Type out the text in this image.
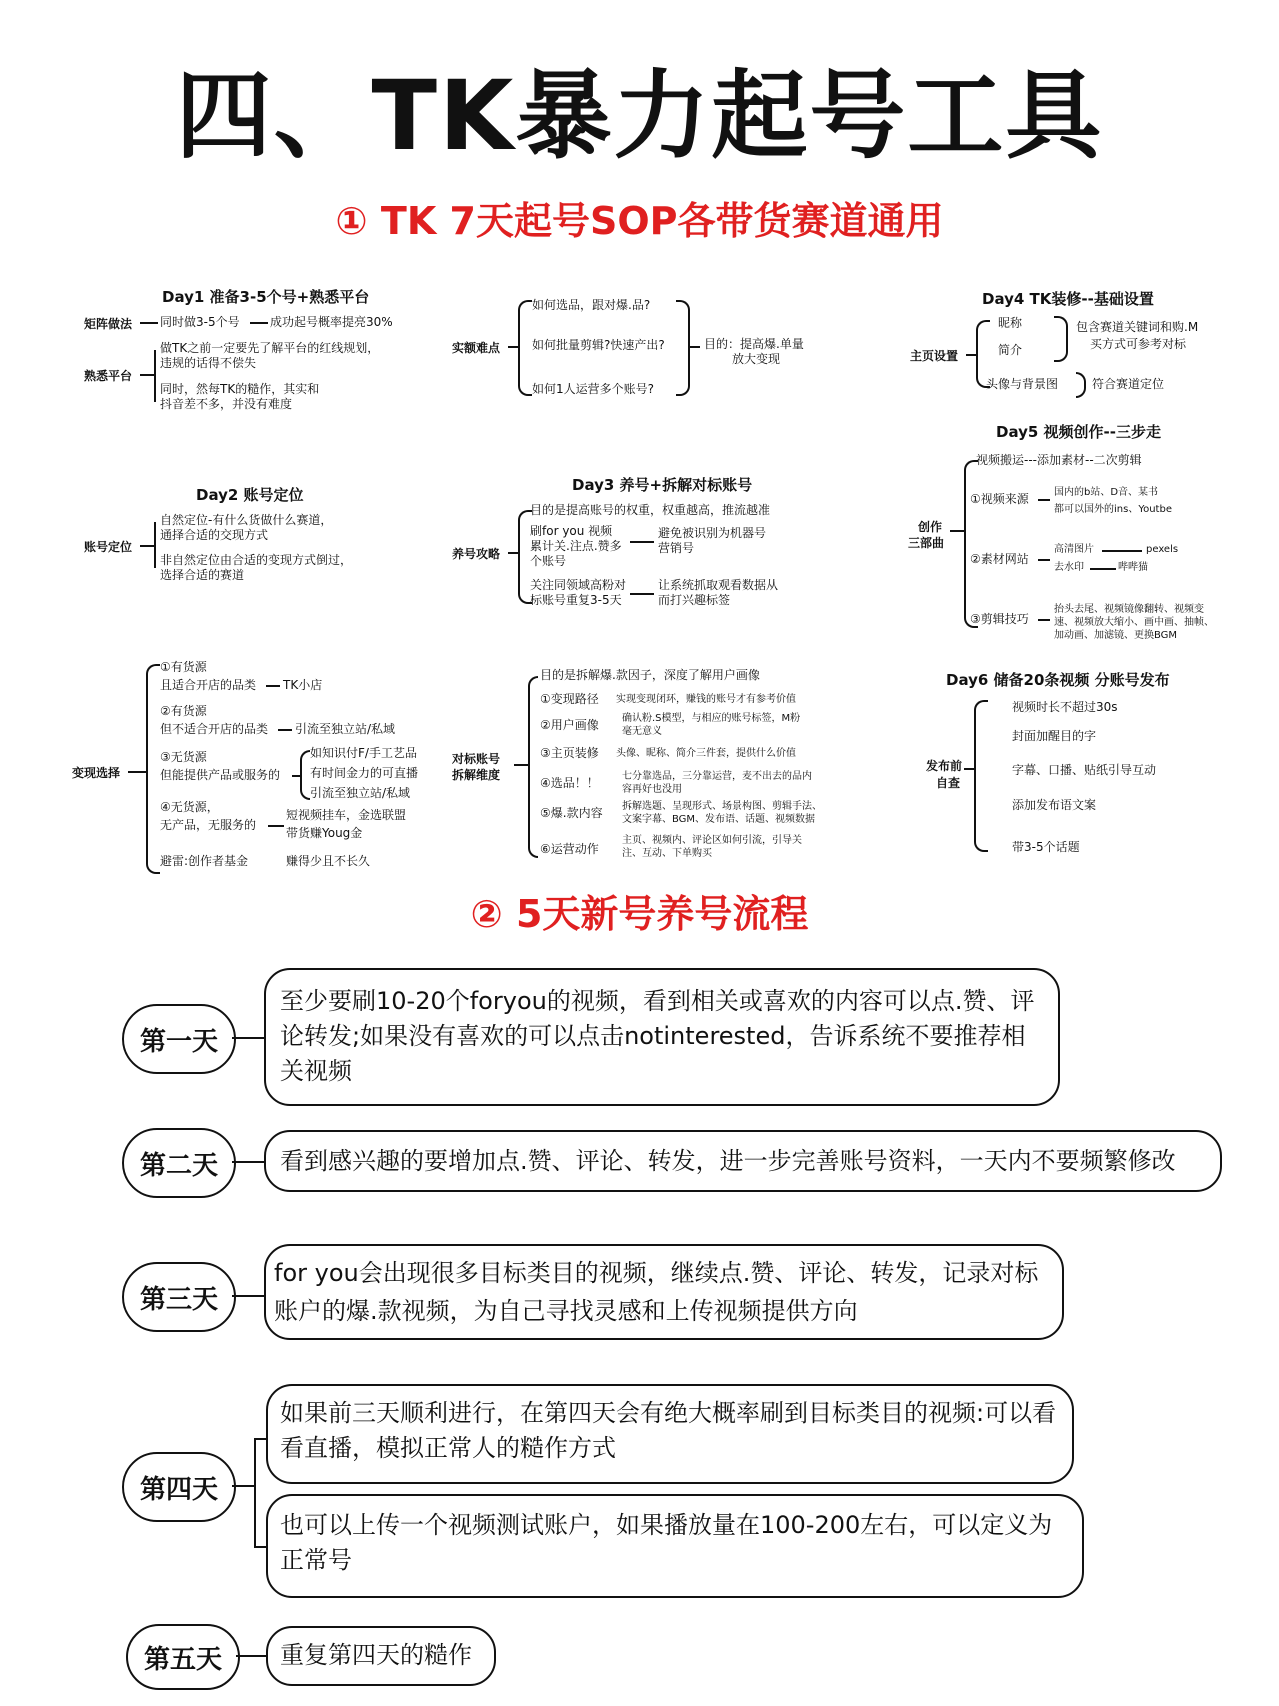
四、TK暴力起号工具
① TK 7天起号SOP各带货赛道通用
Day1 准备3-5个号+熟悉平台
矩阵做法 同时做3-5个号	成功起号概率提亮30%
熟悉平台
做TK之前一定要先了解平台的红线规划，
违规的话得不偿失
同时，然每TK的糙作，其实和
抖音差不多，并没有难度
实额难点
如何选品，跟对爆.品?
如何批量剪辑?快速产出?
如何1人运营多个账号?
目的：提高爆.单量
放大变现
Day4 TK装修--基础设置
主页设置
昵称
简介
头像与背景图
包含赛道关键词和购.M
买方式可参考对标
符合赛道定位
Day5 视频创作--三步走
创作
三部曲
视频搬运---添加素材--二次剪辑
①视频来源	国内的b站、D音、某书
都可以国外的ins、Youtbe
②素材网站
高清图片	pexels
去水印	哔哔猫
③剪辑技巧
抬头去尾、视频镜像翻转、视频变
速、视频放大缩小、画中画、抽帧、
加动画、加滤镜、更换BGM
Day2 账号定位
账号定位
自然定位-有什么货做什么赛道，
通择合适的交现方式
非自然定位由合适的变现方式倒过，
选择合适的赛道
Day3 养号+拆解对标账号
养号攻略
目的是提高账号的权重，权重越高，推流越准
刷for you 视频
累计关.注点.赞多
个账号
避免被识别为机器号
营销号
关注同领域高粉对
标账号重复3-5天
让系统抓取观看数据从
而打兴趣标签
变现选择
①有货源
且适合开店的品类 TK小店
②有货源
但不适合开店的品类 引流至独立站/私域
③无货源
但能提供产品或服务的
如知识付F/手工艺品
有时间金力的可直播
引流至独立站/私域
④无货源，
无产品，无服务的
短视频挂车，金选联盟
带货赚Youg金
避雷:创作者基金	赚得少且不长久
对标账号
拆解维度
目的是拆解爆.款因子，深度了解用户画像
①变现路径 实现变现闭环，赚钱的账号才有参考价值
②用户画像 确认粉.S模型，与相应的账号标签，M粉
毫无意义
③主页装修 头像、昵称、简介三件套，提供什么价值
④选品！！ 七分靠选品，三分靠运营，麦不出去的品内
容再好也没用
⑤爆.款内容 拆解选题、呈现形式、场景构图、剪辑手法、
文案字幕、BGM、发布语、话题、视频数据
⑥运营动作
主页、视频内、评论区如何引流，引导关
注、互动、下单购买
Day6 储备20条视频 分账号发布
发布前
自查
视频时长不超过30s
封面加醒目的字
字幕、口播、贴纸引导互动
添加发布语文案
带3-5个话题
② 5天新号养号流程
第一天
至少要刷10-20个foryou的视频，看到相关或喜欢的内容可以点.赞、评论转发;如果没有喜欢的可以点击notinterested，告诉系统不要推荐相关视频
第二天	看到感兴趣的要增加点.赞、评论、转发，进一步完善账号资料，一天内不要频繁修改
第三天
for you会出现很多目标类目的视频，继续点.赞、评论、转发，记录对标账户的爆.款视频，为自己寻找灵感和上传视频提供方向
第四天
如果前三天顺利进行，在第四天会有绝大概率刷到目标类目的视频:可以看看直播，模拟正常人的糙作方式
也可以上传一个视频测试账户，如果播放量在100-200左右，可以定义为正常号
第五天	重复第四天的糙作
